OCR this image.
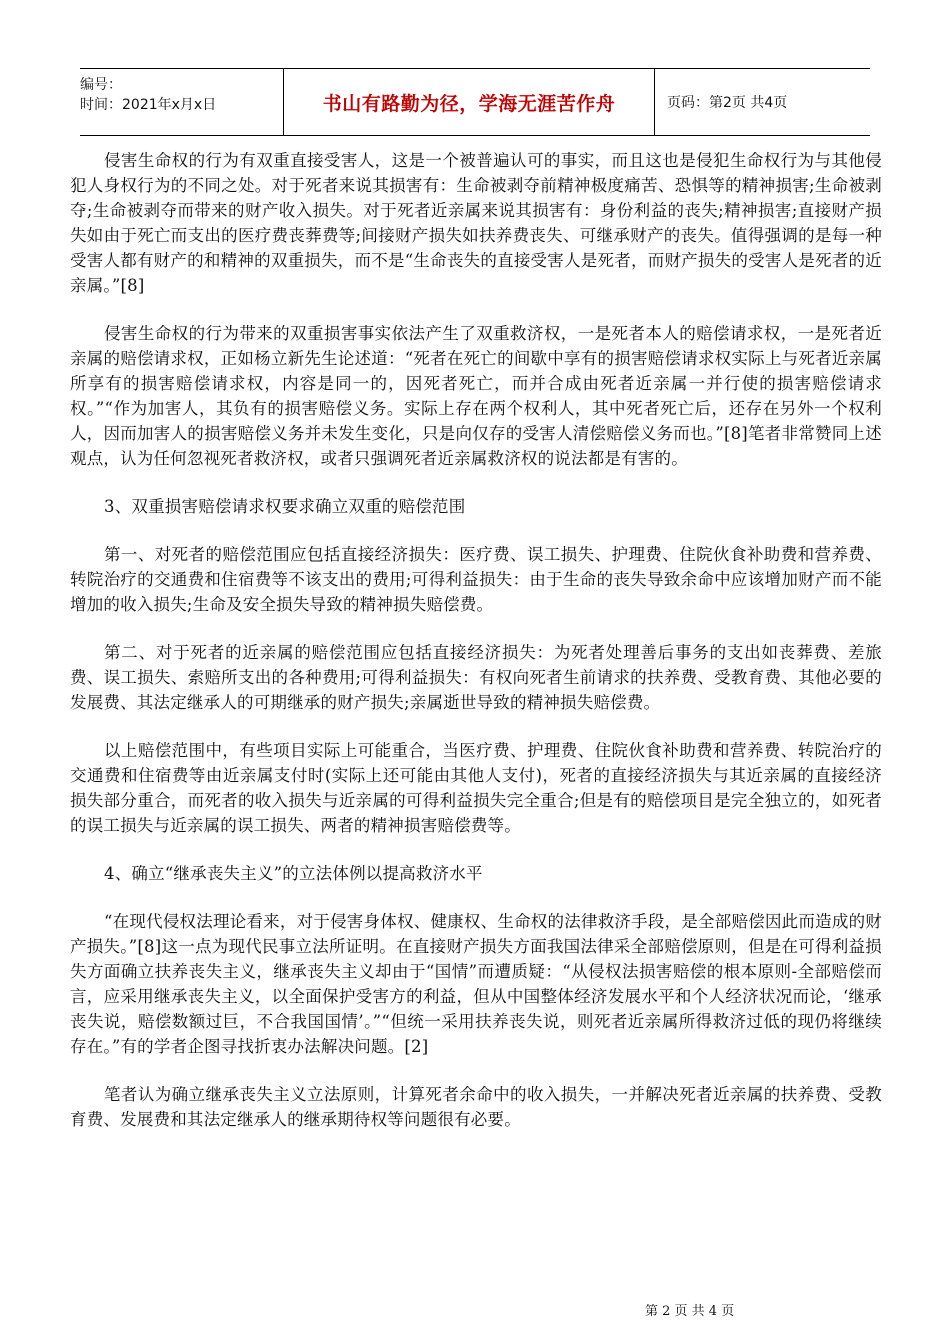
编号：
时间：2021年x月x日	书山有路勤为径，学海无涯苦作舟	页码：第2页 共4页

侵害生命权的行为有双重直接受害人，这是一个被普遍认可的事实，而且这也是侵犯生命权行为与其他侵犯人身权行为的不同之处。对于死者来说其损害有：生命被剥夺前精神极度痛苦、恐惧等的精神损害;生命被剥夺;生命被剥夺而带来的财产收入损失。对于死者近亲属来说其损害有：身份利益的丧失;精神损害;直接财产损失如由于死亡而支出的医疗费丧葬费等;间接财产损失如扶养费丧失、可继承财产的丧失。值得强调的是每一种受害人都有财产的和精神的双重损失，而不是“生命丧失的直接受害人是死者，而财产损失的受害人是死者的近亲属。”[8]

侵害生命权的行为带来的双重损害事实依法产生了双重救济权，一是死者本人的赔偿请求权，一是死者近亲属的赔偿请求权，正如杨立新先生论述道：“死者在死亡的间歇中享有的损害赔偿请求权实际上与死者近亲属所享有的损害赔偿请求权，内容是同一的，因死者死亡，而并合成由死者近亲属一并行使的损害赔偿请求权。”“作为加害人，其负有的损害赔偿义务。实际上存在两个权利人，其中死者死亡后，还存在另外一个权利人，因而加害人的损害赔偿义务并未发生变化，只是向仅存的受害人清偿赔偿义务而也。”[8]笔者非常赞同上述观点，认为任何忽视死者救济权，或者只强调死者近亲属救济权的说法都是有害的。

3、双重损害赔偿请求权要求确立双重的赔偿范围

第一、对死者的赔偿范围应包括直接经济损失：医疗费、误工损失、护理费、住院伙食补助费和营养费、转院治疗的交通费和住宿费等不该支出的费用;可得利益损失：由于生命的丧失导致余命中应该增加财产而不能增加的收入损失;生命及安全损失导致的精神损失赔偿费。

第二、对于死者的近亲属的赔偿范围应包括直接经济损失：为死者处理善后事务的支出如丧葬费、差旅费、误工损失、索赔所支出的各种费用;可得利益损失：有权向死者生前请求的扶养费、受教育费、其他必要的发展费、其法定继承人的可期继承的财产损失;亲属逝世导致的精神损失赔偿费。

以上赔偿范围中，有些项目实际上可能重合，当医疗费、护理费、住院伙食补助费和营养费、转院治疗的交通费和住宿费等由近亲属支付时(实际上还可能由其他人支付)，死者的直接经济损失与其近亲属的直接经济损失部分重合，而死者的收入损失与近亲属的可得利益损失完全重合;但是有的赔偿项目是完全独立的，如死者的误工损失与近亲属的误工损失、两者的精神损害赔偿费等。

4、确立“继承丧失主义”的立法体例以提高救济水平

“在现代侵权法理论看来，对于侵害身体权、健康权、生命权的法律救济手段，是全部赔偿因此而造成的财产损失。”[8]这一点为现代民事立法所证明。在直接财产损失方面我国法律采全部赔偿原则，但是在可得利益损失方面确立扶养丧失主义，继承丧失主义却由于“国情”而遭质疑：“从侵权法损害赔偿的根本原则-全部赔偿而言，应采用继承丧失主义，以全面保护受害方的利益，但从中国整体经济发展水平和个人经济状况而论，‘继承丧失说，赔偿数额过巨，不合我国国情’。”“但统一采用扶养丧失说，则死者近亲属所得救济过低的现仍将继续存在。”有的学者企图寻找折衷办法解决问题。[2]

笔者认为确立继承丧失主义立法原则，计算死者余命中的收入损失，一并解决死者近亲属的扶养费、受教育费、发展费和其法定继承人的继承期待权等问题很有必要。

第 2 页 共 4 页
